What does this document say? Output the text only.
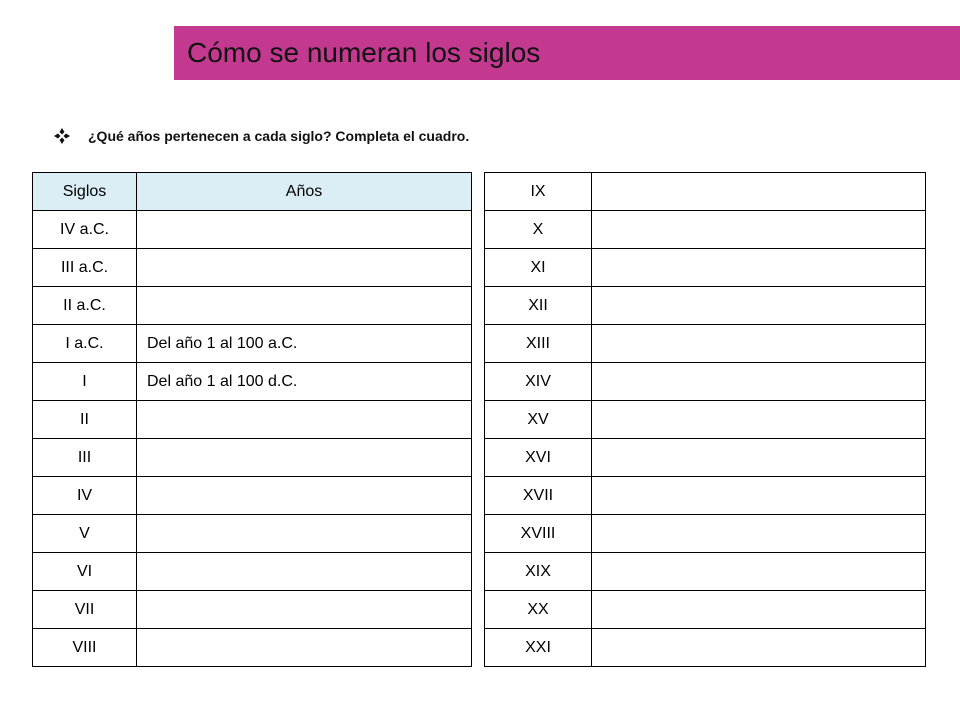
Cómo se numeran los siglos
¿Qué años pertenecen a cada siglo? Completa el cuadro.
Siglos	Años
IV a.C.	
III a.C.	
II a.C.	
I a.C.	Del año 1 al 100 a.C.
I	Del año 1 al 100 d.C.
II	
III	
IV	
V	
VI	
VII	
VIII	
IX	
X	
XI	
XII	
XIII	
XIV	
XV	
XVI	
XVII	
XVIII	
XIX	
XX	
XXI	
